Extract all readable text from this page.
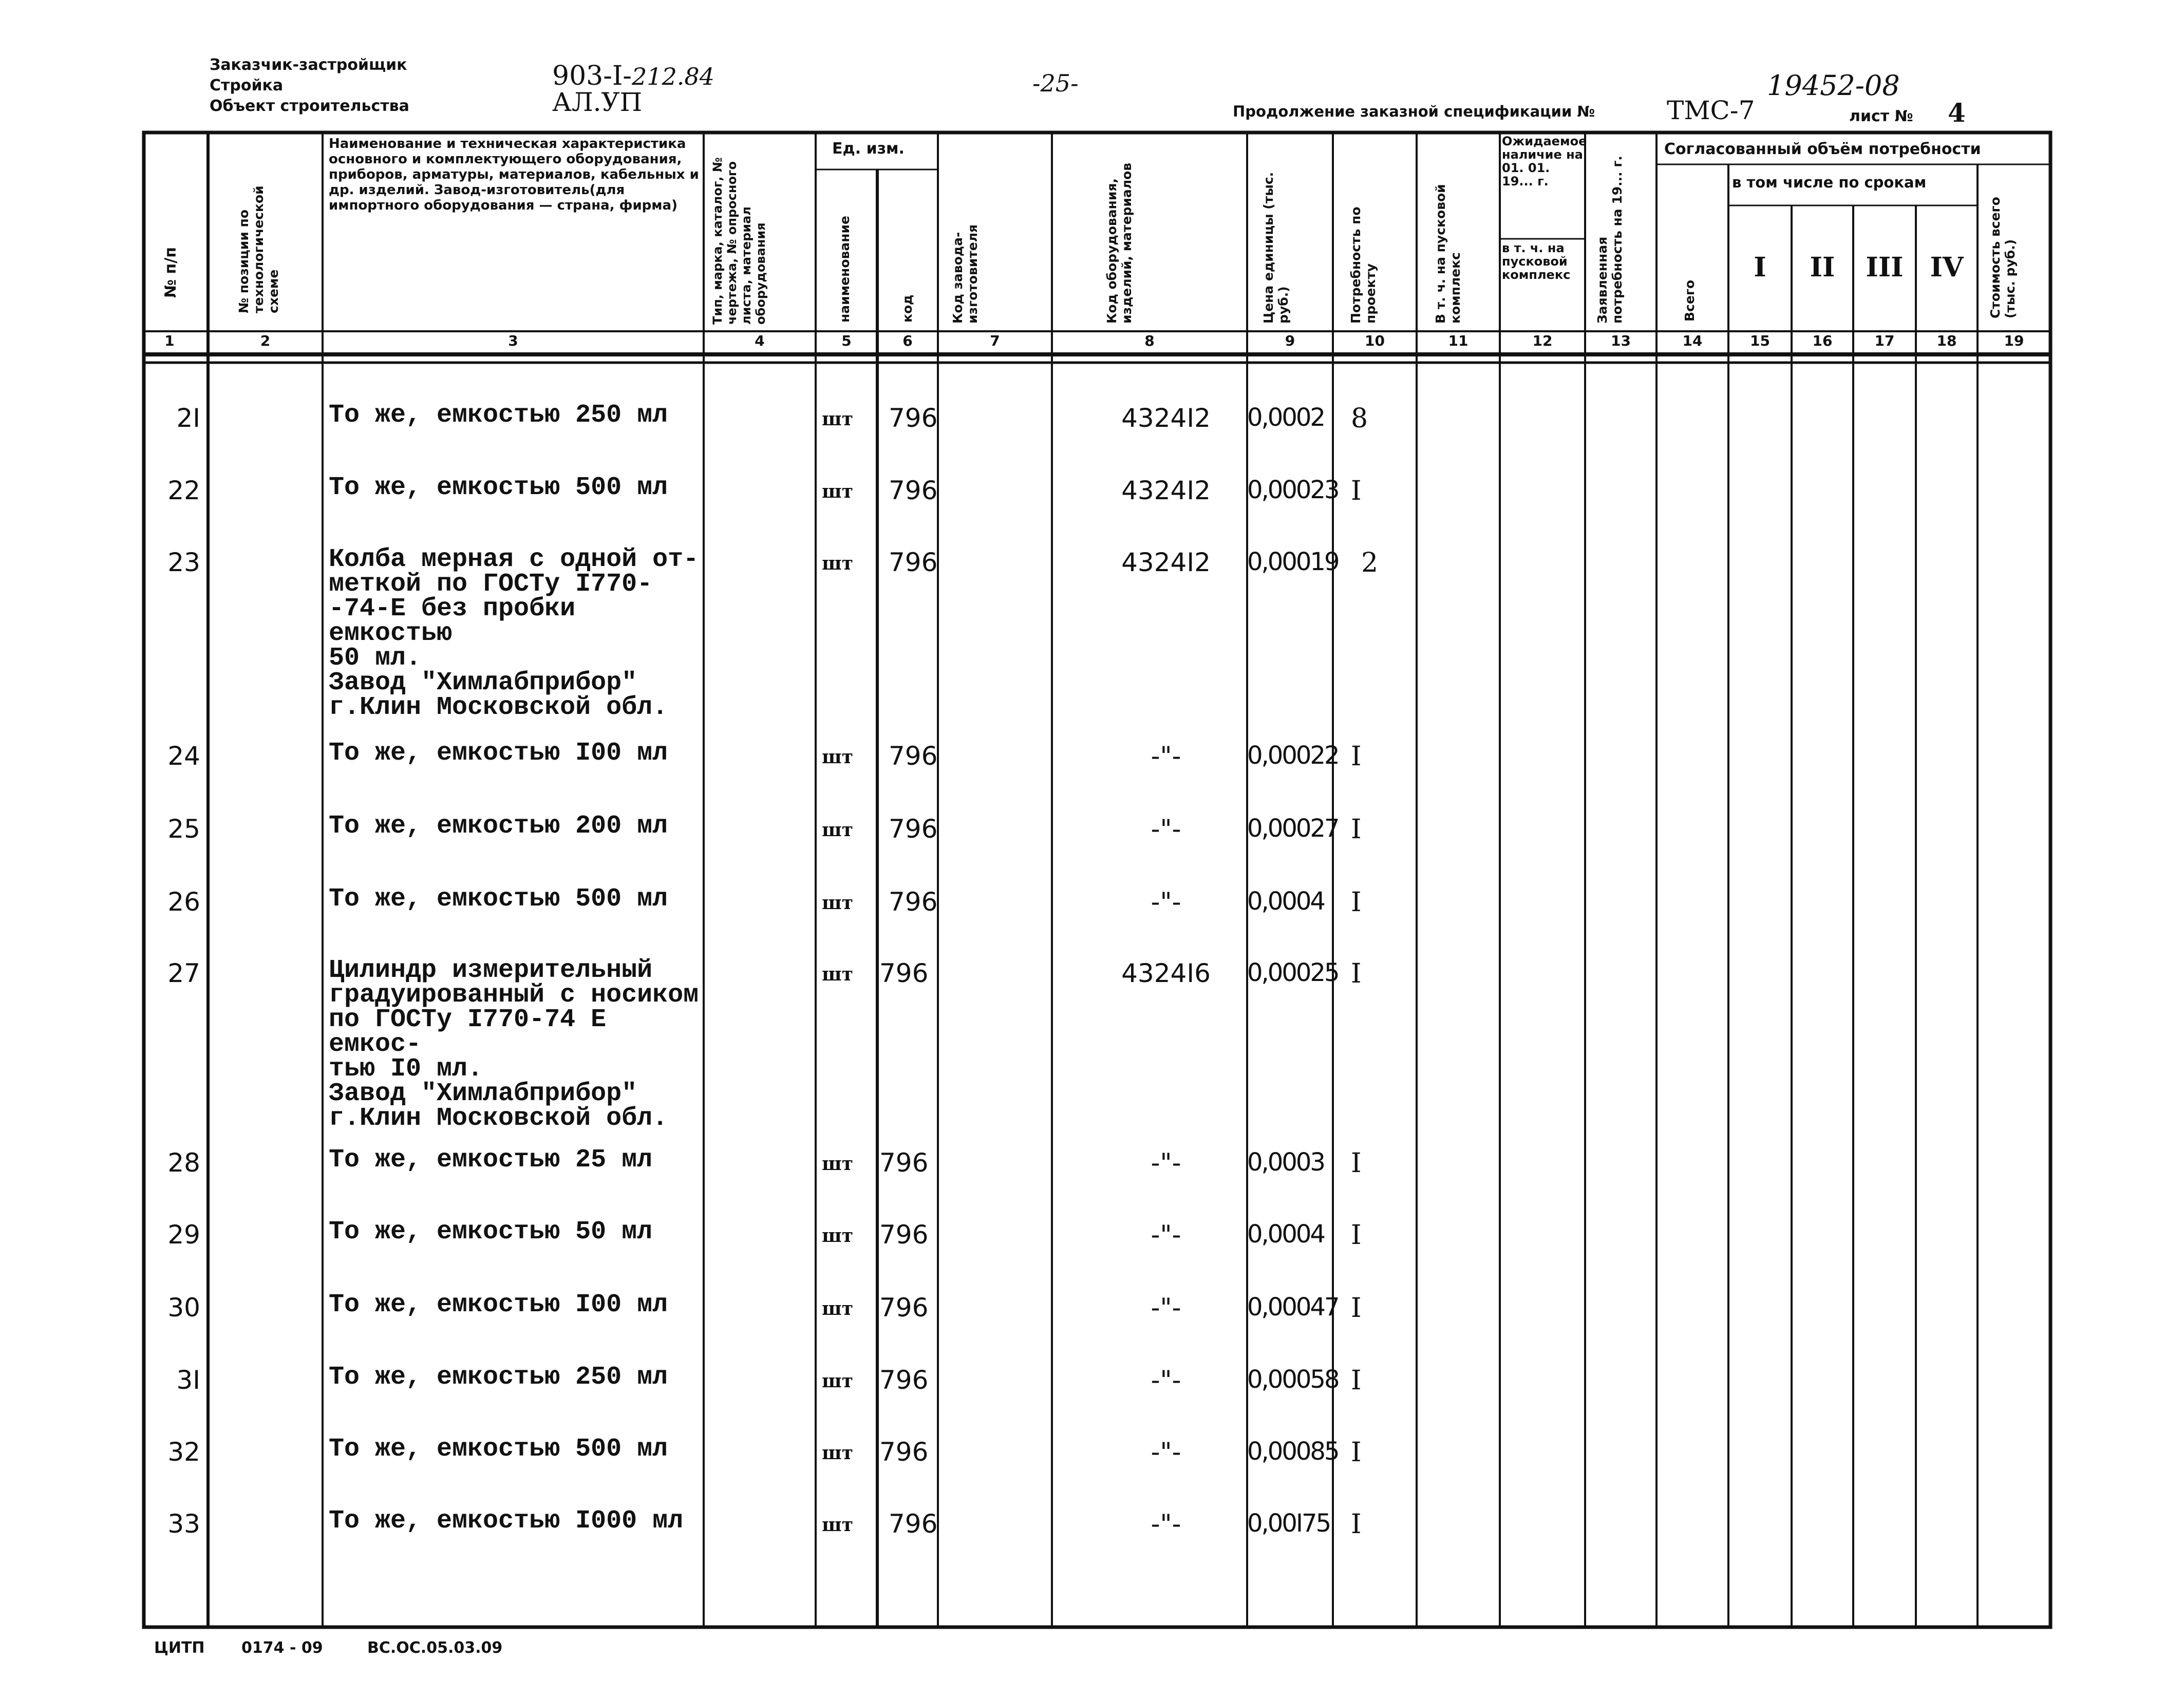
Заказчик-застройщик
Стройка
Объект строительства
903-I-212.84
АЛ.УП
-25-	19452-08
Продолжение заказной спецификации №	ТМС-7	лист № 4
№ п/п	№ позиции по технологической схеме
Наименование и техническая характеристика основного и комплектующего оборудования, приборов, арматуры, материалов, кабельных и др. изделий. Завод-изготовитель(для импортного оборудования — страна, фирма)	Тип, марка, каталог, № чертежа, № опросного листа, материал оборудования
Ед. изм.
наименование	код	Код завода-изготовителя	Код оборудования, изделий, материалов	Цена единицы (тыс. руб.)	Потребность по проекту	В т. ч. на пусковой комплекс
Ожидаемое наличие на 01. 01. 19... г.
в т. ч. на пусковой комплекс	Заявленная потребность на 19... г.
Согласованный объём потребности
Всего
в том числе по срокам
I	II	III	IV	Стоимость всего (тыс. руб.)
1	2	3	4	5	6	7	8	9	10	11	12	13	14	15	16	17	18	19
2I	То же, емкостью 250 мл	шт 796	4324I2	0,0002 8
22	То же, емкостью 500 мл	шт 796	4324I2	0,00023 I
23	Колба мерная с одной от-
меткой по ГОСТу I770-
-74-Е без пробки емкостью
50 мл.
Завод "Химлабприбор"
г.Клин Московской обл.
шт 796	4324I2	0,00019 2
24	То же, емкостью I00 мл	шт 796	-"-	0,00022 I
25	То же, емкостью 200 мл	шт 796	-"-	0,00027 I
26	То же, емкостью 500 мл	шт 796	-"-	0,0004 I
27	Цилиндр измерительный
градуированный с носиком
по ГОСТу I770-74 Е емкос-
тью I0 мл.
Завод "Химлабприбор"
г.Клин Московской обл.
шт 796	4324I6	0,00025 I
28	То же, емкостью 25 мл	шт 796	-"-	0,0003 I
29	То же, емкостью 50 мл	шт 796	-"-	0,0004 I
30	То же, емкостью I00 мл	шт 796	-"-	0,00047 I
3I	То же, емкостью 250 мл	шт 796	-"-	0,00058 I
32	То же, емкостью 500 мл	шт 796	-"-	0,00085 I
33	То же, емкостью I000 мл	шт 796	-"-	0,00I75 I
ЦИТП 0174 - 09	ВС.ОС.05.03.09
